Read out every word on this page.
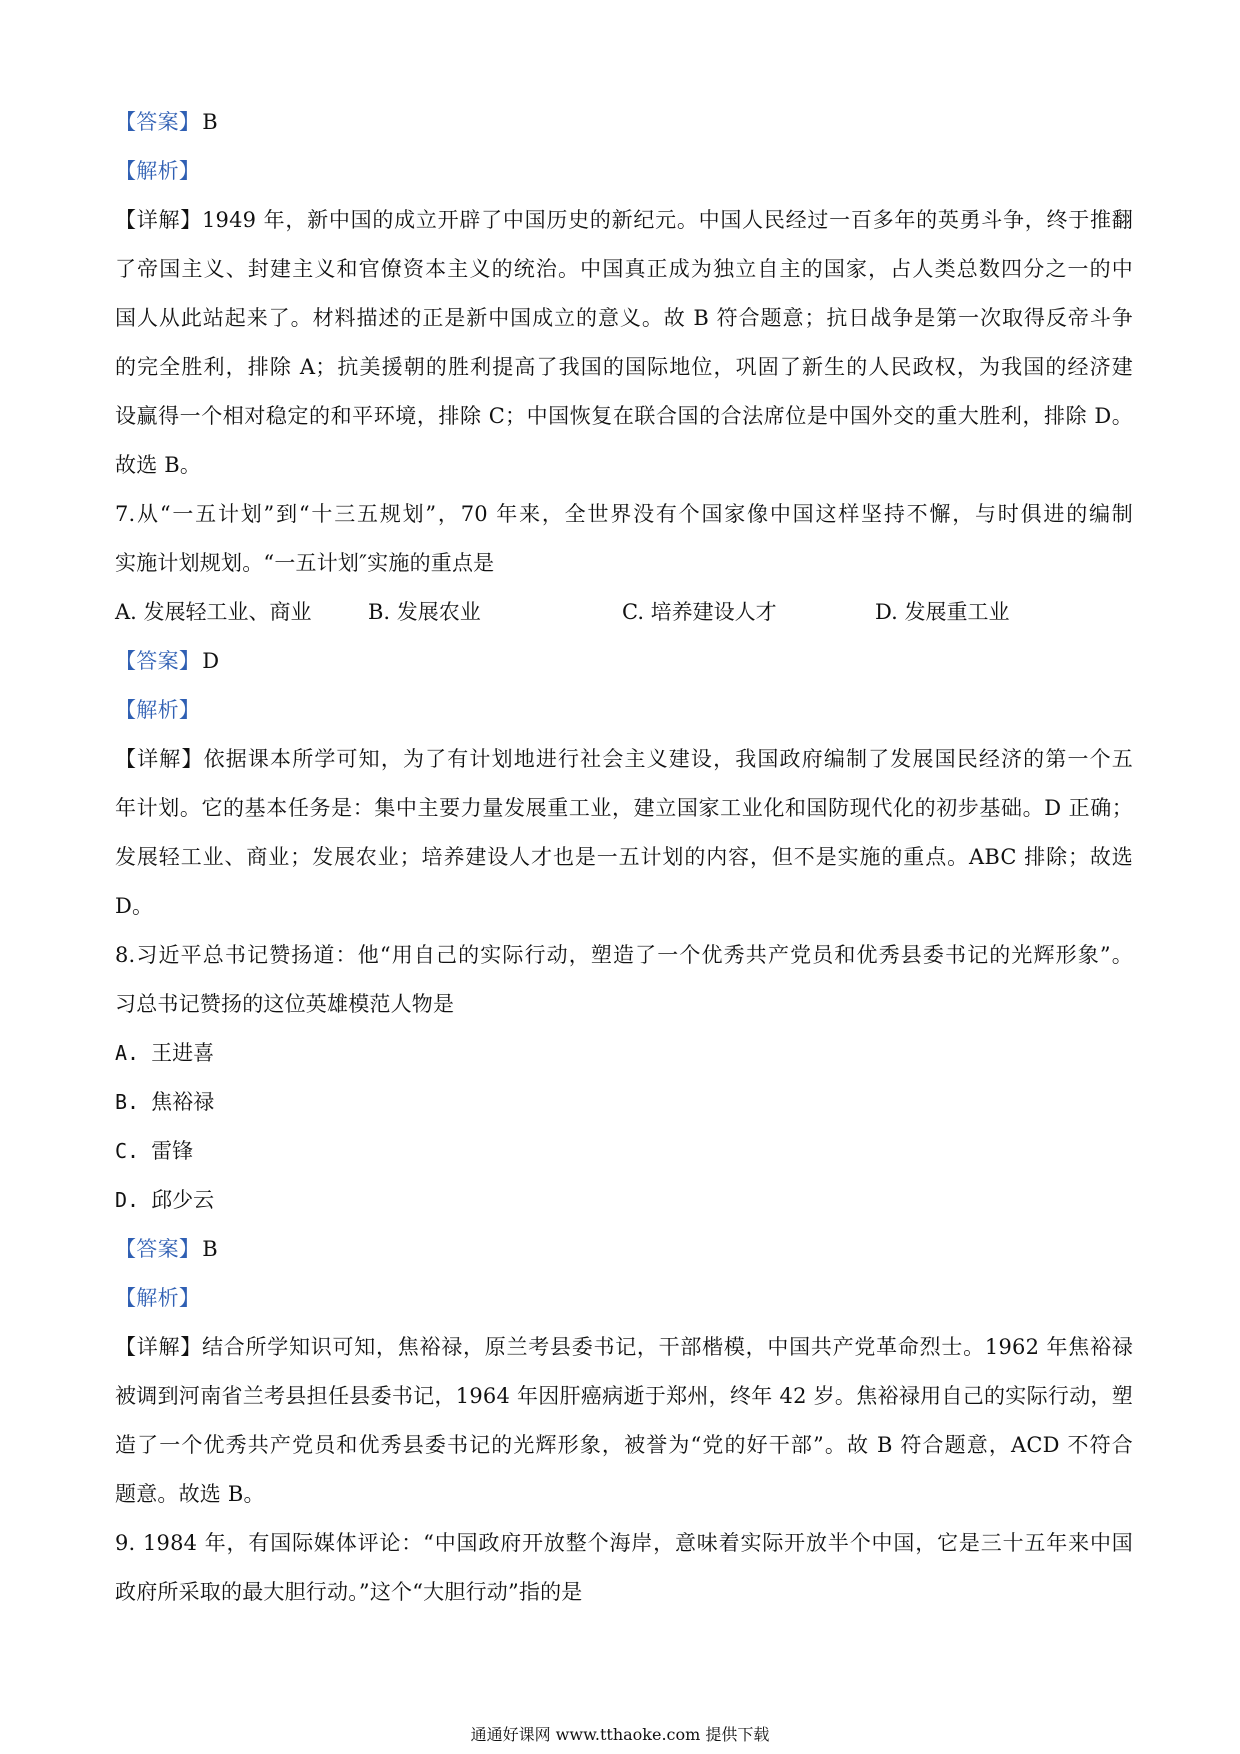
【答案】B
【解析】
【详解】1949 年，新中国的成立开辟了中国历史的新纪元。中国人民经过一百多年的英勇斗争，终于推翻
了帝国主义、封建主义和官僚资本主义的统治。中国真正成为独立自主的国家，占人类总数四分之一的中
国人从此站起来了。材料描述的正是新中国成立的意义。故 B 符合题意；抗日战争是第一次取得反帝斗争
的完全胜利，排除 A；抗美援朝的胜利提高了我国的国际地位，巩固了新生的人民政权，为我国的经济建
设赢得一个相对稳定的和平环境，排除 C；中国恢复在联合国的合法席位是中国外交的重大胜利，排除 D。
故选 B。
7.从“一五计划”到“十三五规划”，70 年来，全世界没有个国家像中国这样坚持不懈，与时俱进的编制
实施计划规划。“一五计划″实施的重点是
A. 发展轻工业、商业	B. 发展农业	C. 培养建设人才	D. 发展重工业
【答案】D
【解析】
【详解】依据课本所学可知，为了有计划地进行社会主义建设，我国政府编制了发展国民经济的第一个五
年计划。它的基本任务是：集中主要力量发展重工业，建立国家工业化和国防现代化的初步基础。D 正确；
发展轻工业、商业；发展农业；培养建设人才也是一五计划的内容，但不是实施的重点。ABC 排除；故选
D。
8.习近平总书记赞扬道：他“用自己的实际行动，塑造了一个优秀共产党员和优秀县委书记的光辉形象”。
习总书记赞扬的这位英雄模范人物是
A. 王进喜
B. 焦裕禄
C. 雷锋
D. 邱少云
【答案】B
【解析】
【详解】结合所学知识可知，焦裕禄，原兰考县委书记，干部楷模，中国共产党革命烈士。1962 年焦裕禄
被调到河南省兰考县担任县委书记，1964 年因肝癌病逝于郑州，终年 42 岁。焦裕禄用自己的实际行动，塑
造了一个优秀共产党员和优秀县委书记的光辉形象，被誉为“党的好干部”。故 B 符合题意，ACD 不符合
题意。故选 B。
9. 1984 年，有国际媒体评论：“中国政府开放整个海岸，意味着实际开放半个中国，它是三十五年来中国
政府所采取的最大胆行动。”这个“大胆行动”指的是
通通好课网 www.tthaoke.com 提供下载
